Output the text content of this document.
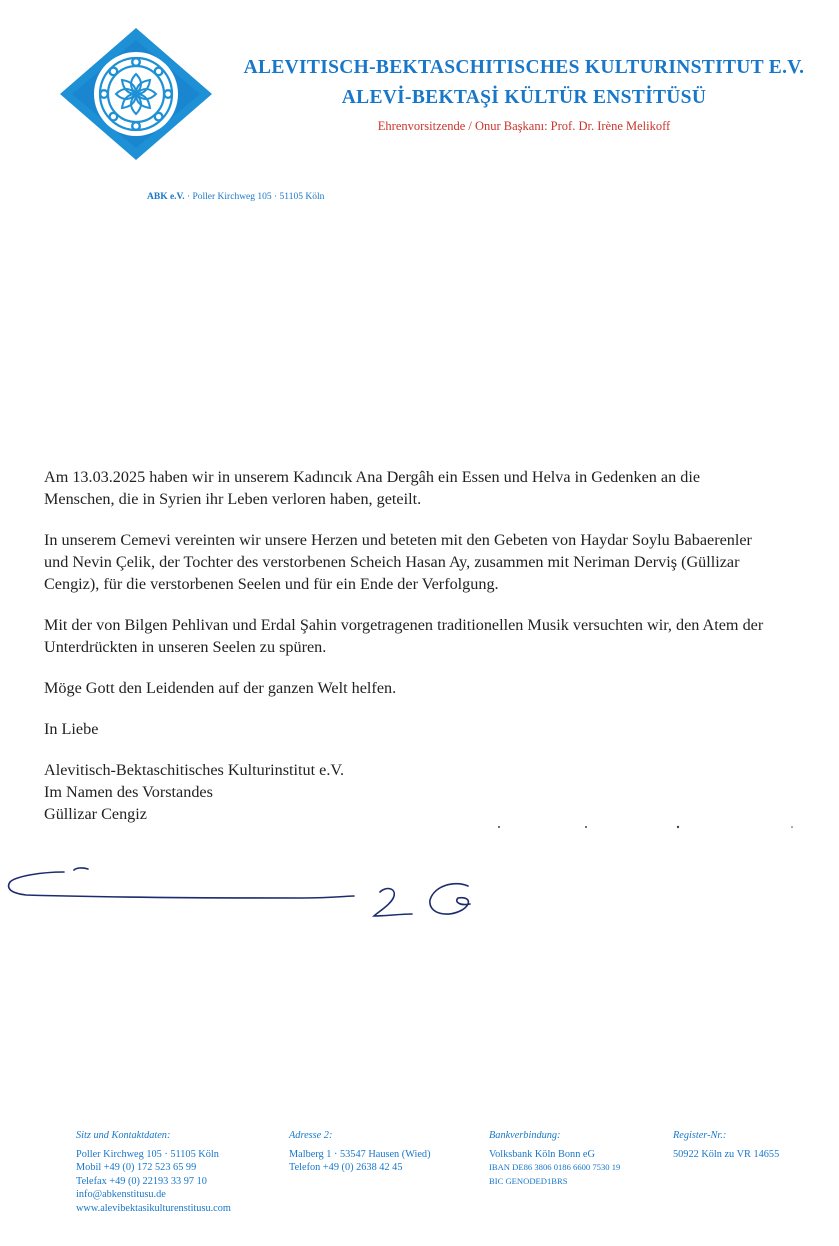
ALEVITISCH-BEKTASCHITISCHES KULTURINSTITUT E.V.
ALEVİ-BEKTAŞİ KÜLTÜR ENSTİTÜSÜ
Ehrenvorsitzende / Onur Başkanı: Prof. Dr. Irène Melikoff
ABK e.V. · Poller Kirchweg 105 · 51105 Köln

Am 13.03.2025 haben wir in unserem Kadıncık Ana Dergâh ein Essen und Helva in Gedenken an die Menschen, die in Syrien ihr Leben verloren haben, geteilt.

In unserem Cemevi vereinten wir unsere Herzen und beteten mit den Gebeten von Haydar Soylu Babaerenler und Nevin Çelik, der Tochter des verstorbenen Scheich Hasan Ay, zusammen mit Neriman Derviş (Güllizar Cengiz), für die verstorbenen Seelen und für ein Ende der Verfolgung.

Mit der von Bilgen Pehlivan und Erdal Şahin vorgetragenen traditionellen Musik versuchten wir, den Atem der Unterdrückten in unseren Seelen zu spüren.

Möge Gott den Leidenden auf der ganzen Welt helfen.

In Liebe

Alevitisch-Bektaschitisches Kulturinstitut e.V.

Im Namen des Vorstandes

Güllizar Cengiz

Sitz und Kontaktdaten:
Poller Kirchweg 105 · 51105 Köln
Mobil +49 (0) 172 523 65 99
Telefax +49 (0) 22193 33 97 10
info@abkenstitusu.de
www.alevibektasikulturenstitusu.com
Adresse 2:
Malberg 1 · 53547 Hausen (Wied)
Telefon +49 (0) 2638 42 45
Bankverbindung:
Volksbank Köln Bonn eG
IBAN DE86 3806 0186 6600 7530 19
BIC GENODED1BRS
Register-Nr.:
50922 Köln zu VR 14655
